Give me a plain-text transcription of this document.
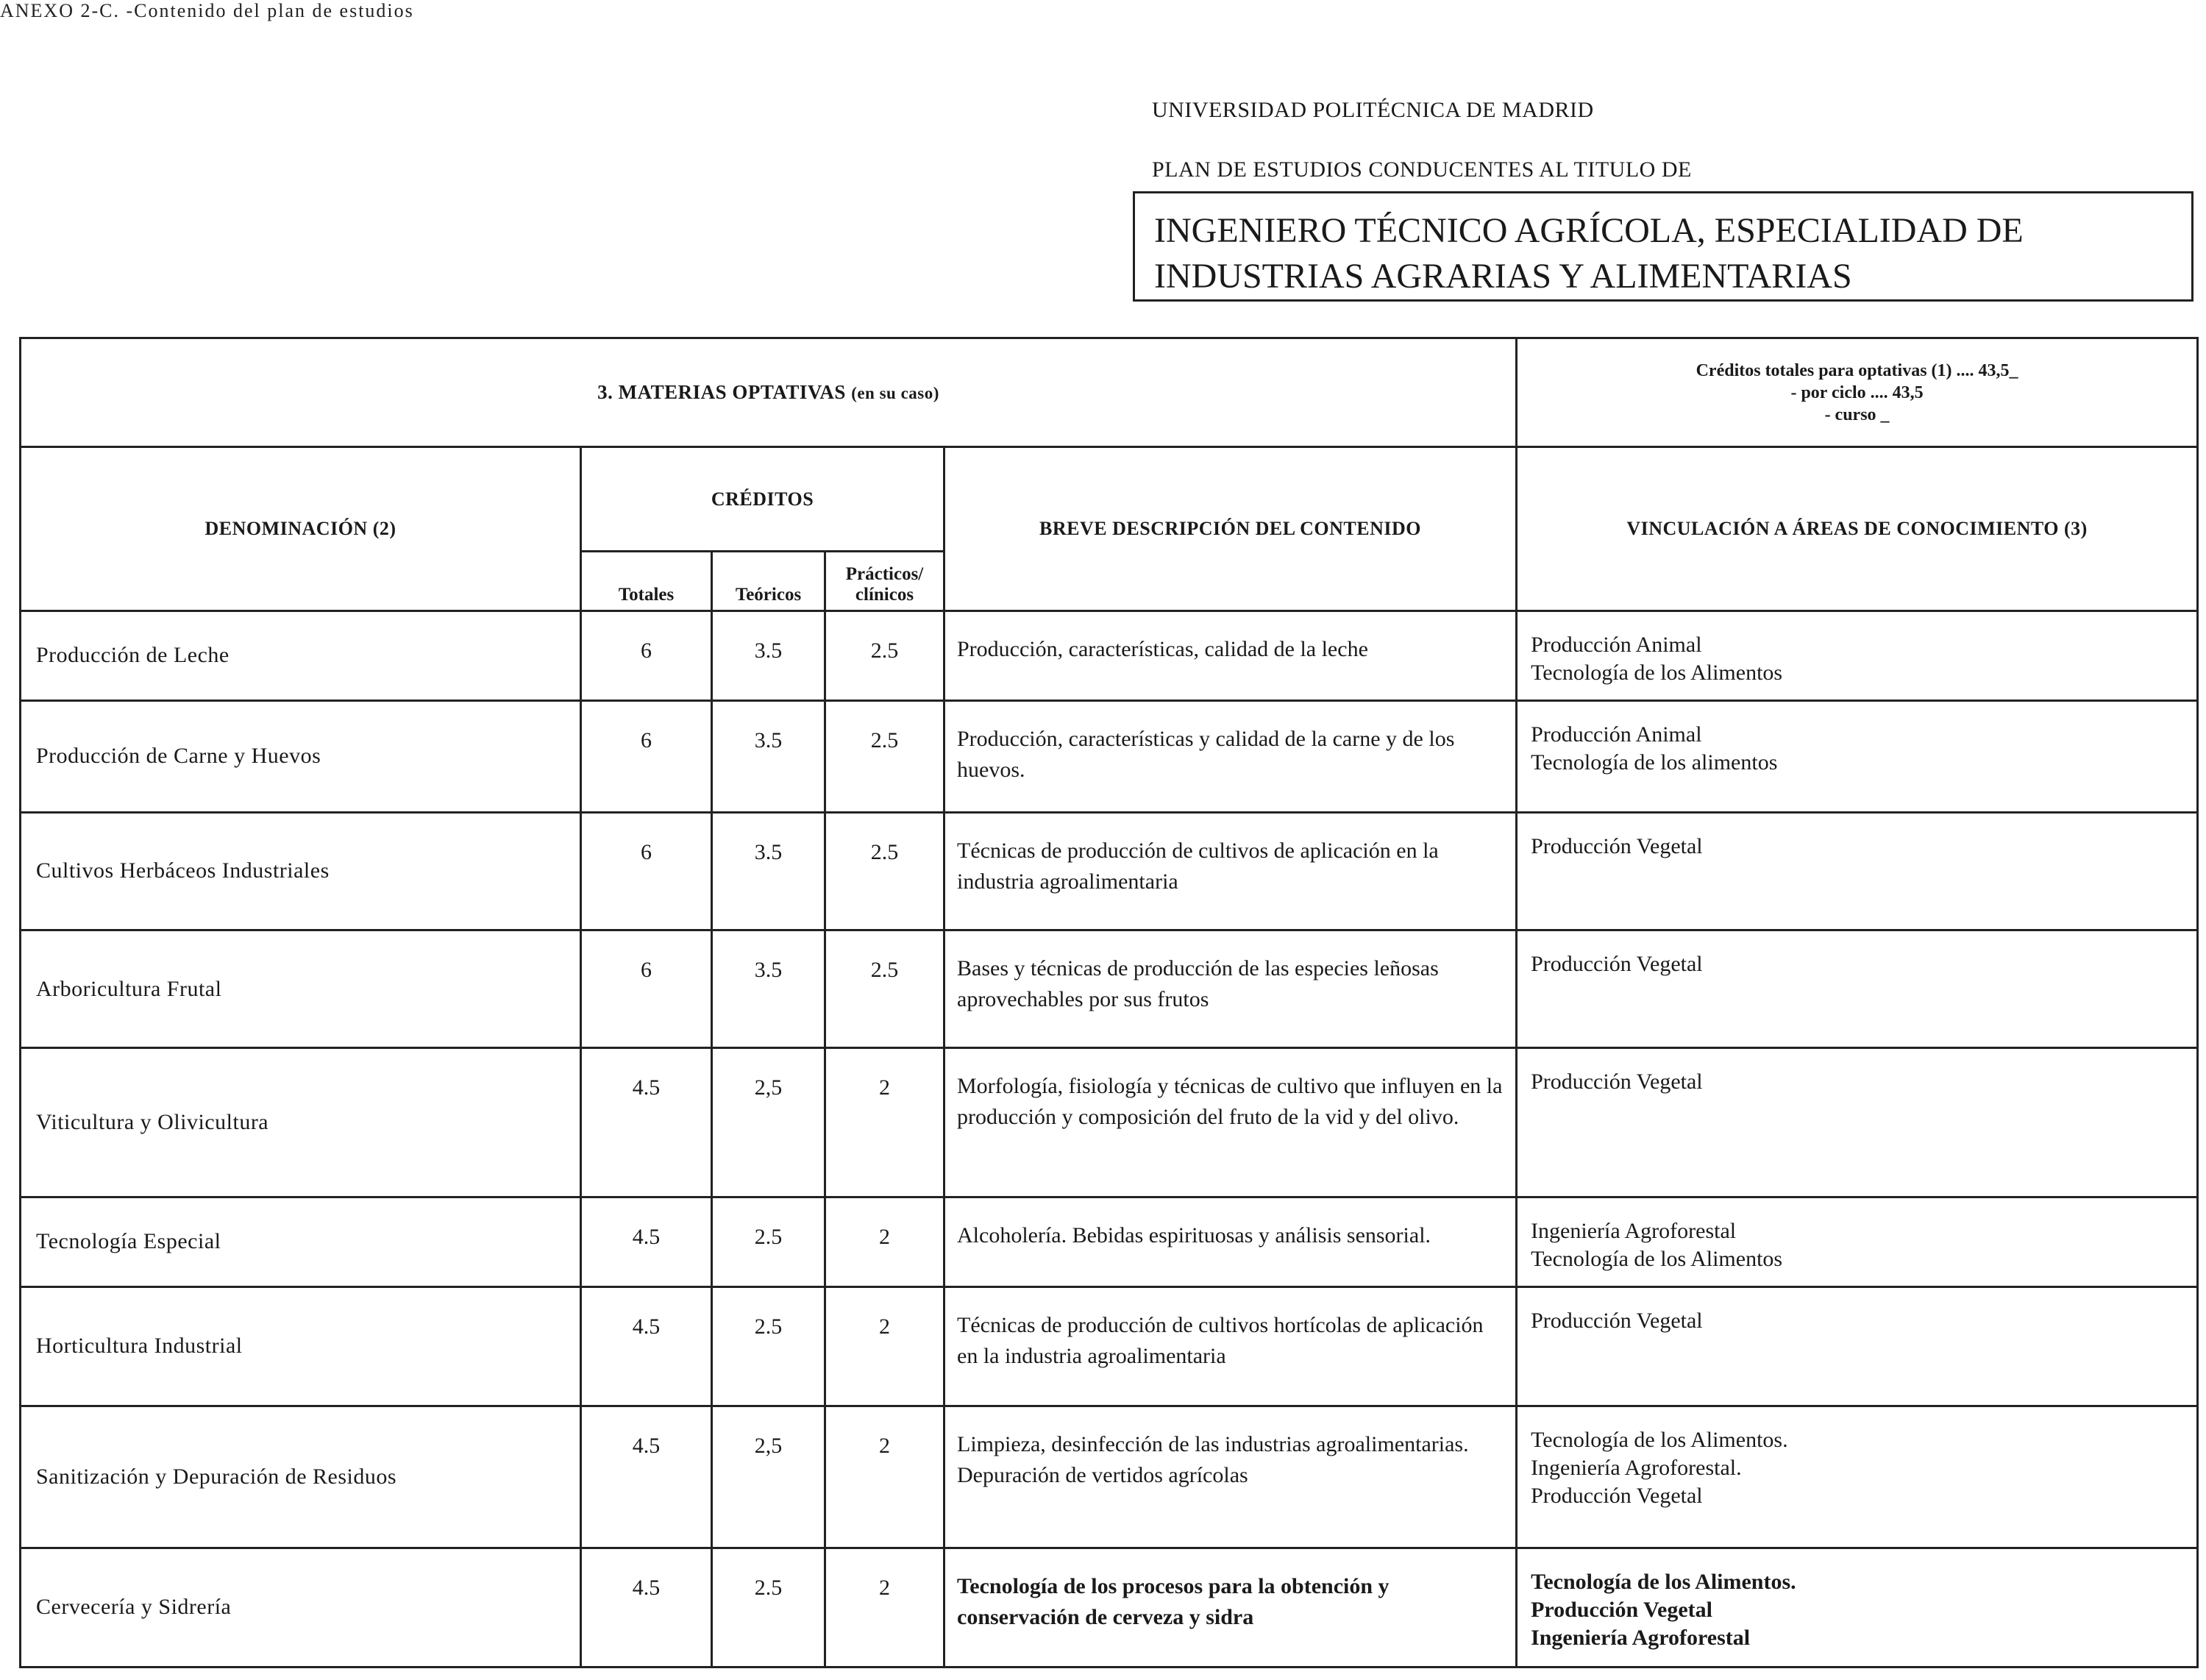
ANEXO 2-C. -Contenido del plan de estudios
UNIVERSIDAD POLITÉCNICA DE MADRID
PLAN DE ESTUDIOS CONDUCENTES AL TITULO DE
INGENIERO TÉCNICO AGRÍCOLA, ESPECIALIDAD DE
INDUSTRIAS AGRARIAS Y ALIMENTARIAS
3. MATERIAS OPTATIVAS (en su caso)					Créditos totales para optativas (1) .... 43,5_
- por ciclo .... 43,5
- curso _

DENOMINACIÓN (2)	CRÉDITOS			BREVE DESCRIPCIÓN DEL CONTENIDO	VINCULACIÓN A ÁREAS DE CONOCIMIENTO (3)
	Totales	Teóricos	Prácticos/ clínicos		
Producción de Leche	6	3.5	2.5	Producción, características, calidad de la leche	Producción Animal
Tecnología de los Alimentos

Producción de Carne y Huevos	6	3.5	2.5	Producción, características y calidad de la carne y de los huevos.	Producción Animal
Tecnología de los alimentos

Cultivos Herbáceos Industriales	6	3.5	2.5	Técnicas de producción de cultivos de aplicación en la industria agroalimentaria	Producción Vegetal

Arboricultura Frutal	6	3.5	2.5	Bases y técnicas de producción de las especies leñosas aprovechables por sus frutos	Producción Vegetal

Viticultura y Olivicultura	4.5	2,5	2	Morfología, fisiología y técnicas de cultivo que influyen en la producción y composición del fruto de la vid y del olivo.	Producción Vegetal

Tecnología Especial	4.5	2.5	2	Alcoholería. Bebidas espirituosas y análisis sensorial.	Ingeniería Agroforestal
Tecnología de los Alimentos

Horticultura Industrial	4.5	2.5	2	Técnicas de producción de cultivos hortícolas de aplicación en la industria agroalimentaria	Producción Vegetal

Sanitización y Depuración de Residuos	4.5	2,5	2	Limpieza, desinfección de las industrias agroalimentarias. Depuración de vertidos agrícolas	Tecnología de los Alimentos.
Ingeniería Agroforestal.
Producción Vegetal

Cervecería y Sidrería	4.5	2.5	2	Tecnología de los procesos para la obtención y conservación de cerveza y sidra	Tecnología de los Alimentos.
Producción Vegetal
Ingeniería Agroforestal
